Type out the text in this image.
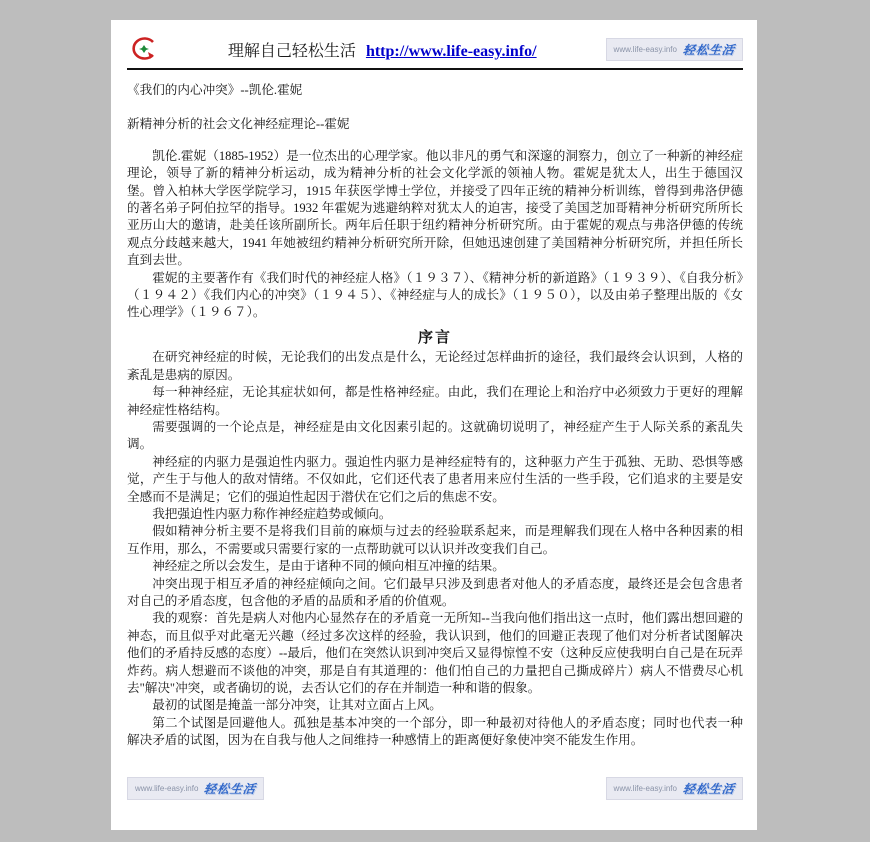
理解自己轻松生活 http://www.life-easy.info/	www.life-easy.info 轻松生活

《我们的内心冲突》--凯伦.霍妮

新精神分析的社会文化神经症理论--霍妮

凯伦.霍妮（1885-1952）是一位杰出的心理学家。他以非凡的勇气和深邃的洞察力，创立了一种新的神经症理论，领导了新的精神分析运动，成为精神分析的社会文化学派的领袖人物。霍妮是犹太人，出生于德国汉堡。曾入柏林大学医学院学习，1915 年获医学博士学位，并接受了四年正统的精神分析训练，曾得到弗洛伊德的著名弟子阿伯拉罕的指导。1932 年霍妮为逃避纳粹对犹太人的迫害，接受了美国芝加哥精神分析研究所所长亚历山大的邀请，赴美任该所副所长。两年后任职于纽约精神分析研究所。由于霍妮的观点与弗洛伊德的传统观点分歧越来越大，1941 年她被纽约精神分析研究所开除，但她迅速创建了美国精神分析研究所，并担任所长直到去世。

霍妮的主要著作有《我们时代的神经症人格》（１９３７）、《精神分析的新道路》（１９３９）、《自我分析》（１９４２）《我们内心的冲突》（１９４５）、《神经症与人的成长》（１９５０），以及由弟子整理出版的《女性心理学》（１９６７）。

序言

在研究神经症的时候，无论我们的出发点是什么，无论经过怎样曲折的途径，我们最终会认识到，人格的紊乱是患病的原因。

每一种神经症，无论其症状如何，都是性格神经症。由此，我们在理论上和治疗中必须致力于更好的理解神经症性格结构。

需要强调的一个论点是，神经症是由文化因素引起的。这就确切说明了，神经症产生于人际关系的紊乱失调。

神经症的内驱力是强迫性内驱力。强迫性内驱力是神经症特有的，这种驱力产生于孤独、无助、恐惧等感觉，产生于与他人的敌对情绪。不仅如此，它们还代表了患者用来应付生活的一些手段，它们追求的主要是安全感而不是满足；它们的强迫性起因于潜伏在它们之后的焦虑不安。

我把强迫性内驱力称作神经症趋势或倾向。

假如精神分析主要不是将我们目前的麻烦与过去的经验联系起来，而是理解我们现在人格中各种因素的相互作用，那么，不需要或只需要行家的一点帮助就可以认识并改变我们自己。

神经症之所以会发生，是由于诸种不同的倾向相互冲撞的结果。

冲突出现于相互矛盾的神经症倾向之间。它们最早只涉及到患者对他人的矛盾态度，最终还是会包含患者对自己的矛盾态度，包含他的矛盾的品质和矛盾的价值观。

我的观察：首先是病人对他内心显然存在的矛盾竟一无所知--当我向他们指出这一点时，他们露出想回避的神态，而且似乎对此毫无兴趣（经过多次这样的经验，我认识到，他们的回避正表现了他们对分析者试图解决他们的矛盾持反感的态度）--最后，他们在突然认识到冲突后又显得惊惶不安（这种反应使我明白自己是在玩弄炸药。病人想避而不谈他的冲突，那是自有其道理的：他们怕自己的力量把自己撕成碎片）病人不惜费尽心机去"解决"冲突，或者确切的说，去否认它们的存在并制造一种和谐的假象。

最初的试图是掩盖一部分冲突，让其对立面占上风。

第二个试图是回避他人。孤独是基本冲突的一个部分，即一种最初对待他人的矛盾态度；同时也代表一种解决矛盾的试图，因为在自我与他人之间维持一种感情上的距离便好象使冲突不能发生作用。

www.life-easy.info 轻松生活	www.life-easy.info 轻松生活
